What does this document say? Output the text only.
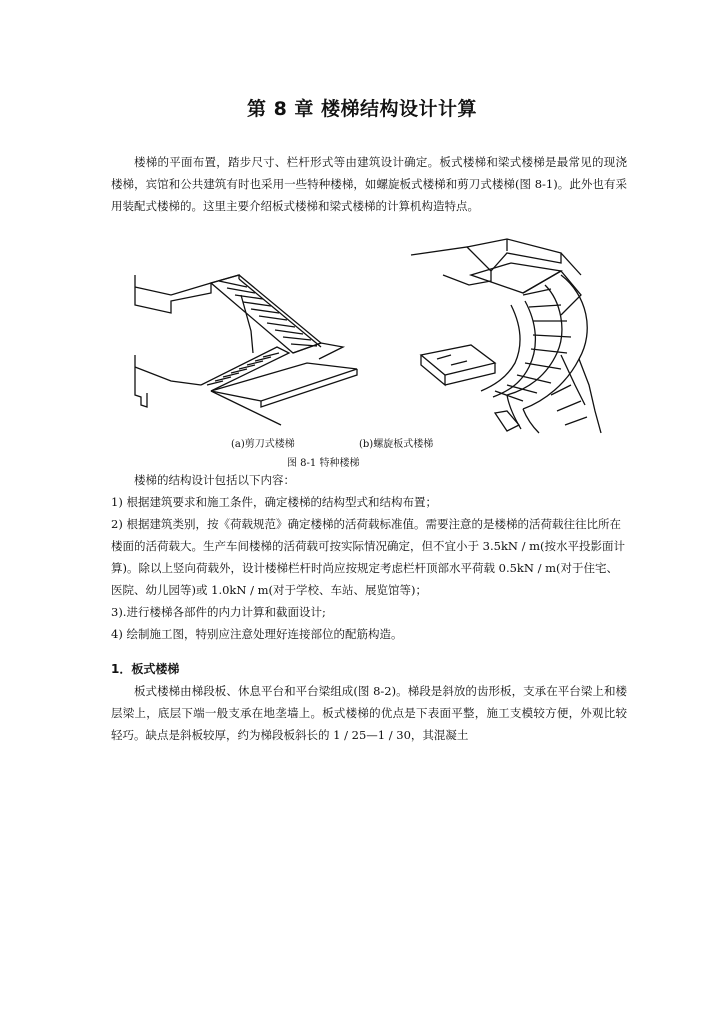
第 8 章 楼梯结构设计计算

楼梯的平面布置，踏步尺寸、栏杆形式等由建筑设计确定。板式楼梯和梁式楼梯是最常见的现浇楼梯，宾馆和公共建筑有时也采用一些特种楼梯，如螺旋板式楼梯和剪刀式楼梯(图 8-1)。此外也有采用装配式楼梯的。这里主要介绍板式楼梯和梁式楼梯的计算机构造特点。

(a)剪刀式楼梯	(b)螺旋板式楼梯
图 8-1 特种楼梯

楼梯的结构设计包括以下内容：

1) 根据建筑要求和施工条件，确定楼梯的结构型式和结构布置；
2) 根据建筑类别，按《荷载规范》确定楼梯的活荷载标准值。需要注意的是楼梯的活荷载往往比所在楼面的活荷载大。生产车间楼梯的活荷载可按实际情况确定，但不宜小于 3.5kN / m(按水平投影面计算)。除以上竖向荷载外，设计楼梯栏杆时尚应按规定考虑栏杆顶部水平荷载 0.5kN / m(对于住宅、医院、幼儿园等)或 1.0kN / m(对于学校、车站、展览馆等)；
3).进行楼梯各部件的内力计算和截面设计;
4) 绘制施工图，特别应注意处理好连接部位的配筋构造。
1．板式楼梯

板式楼梯由梯段板、休息平台和平台梁组成(图 8-2)。梯段是斜放的齿形板，支承在平台梁上和楼层梁上，底层下端一般支承在地垄墙上。板式楼梯的优点是下表面平整，施工支模较方便，外观比较轻巧。缺点是斜板较厚，约为梯段板斜长的 1 / 25—1 / 30，其混凝土
